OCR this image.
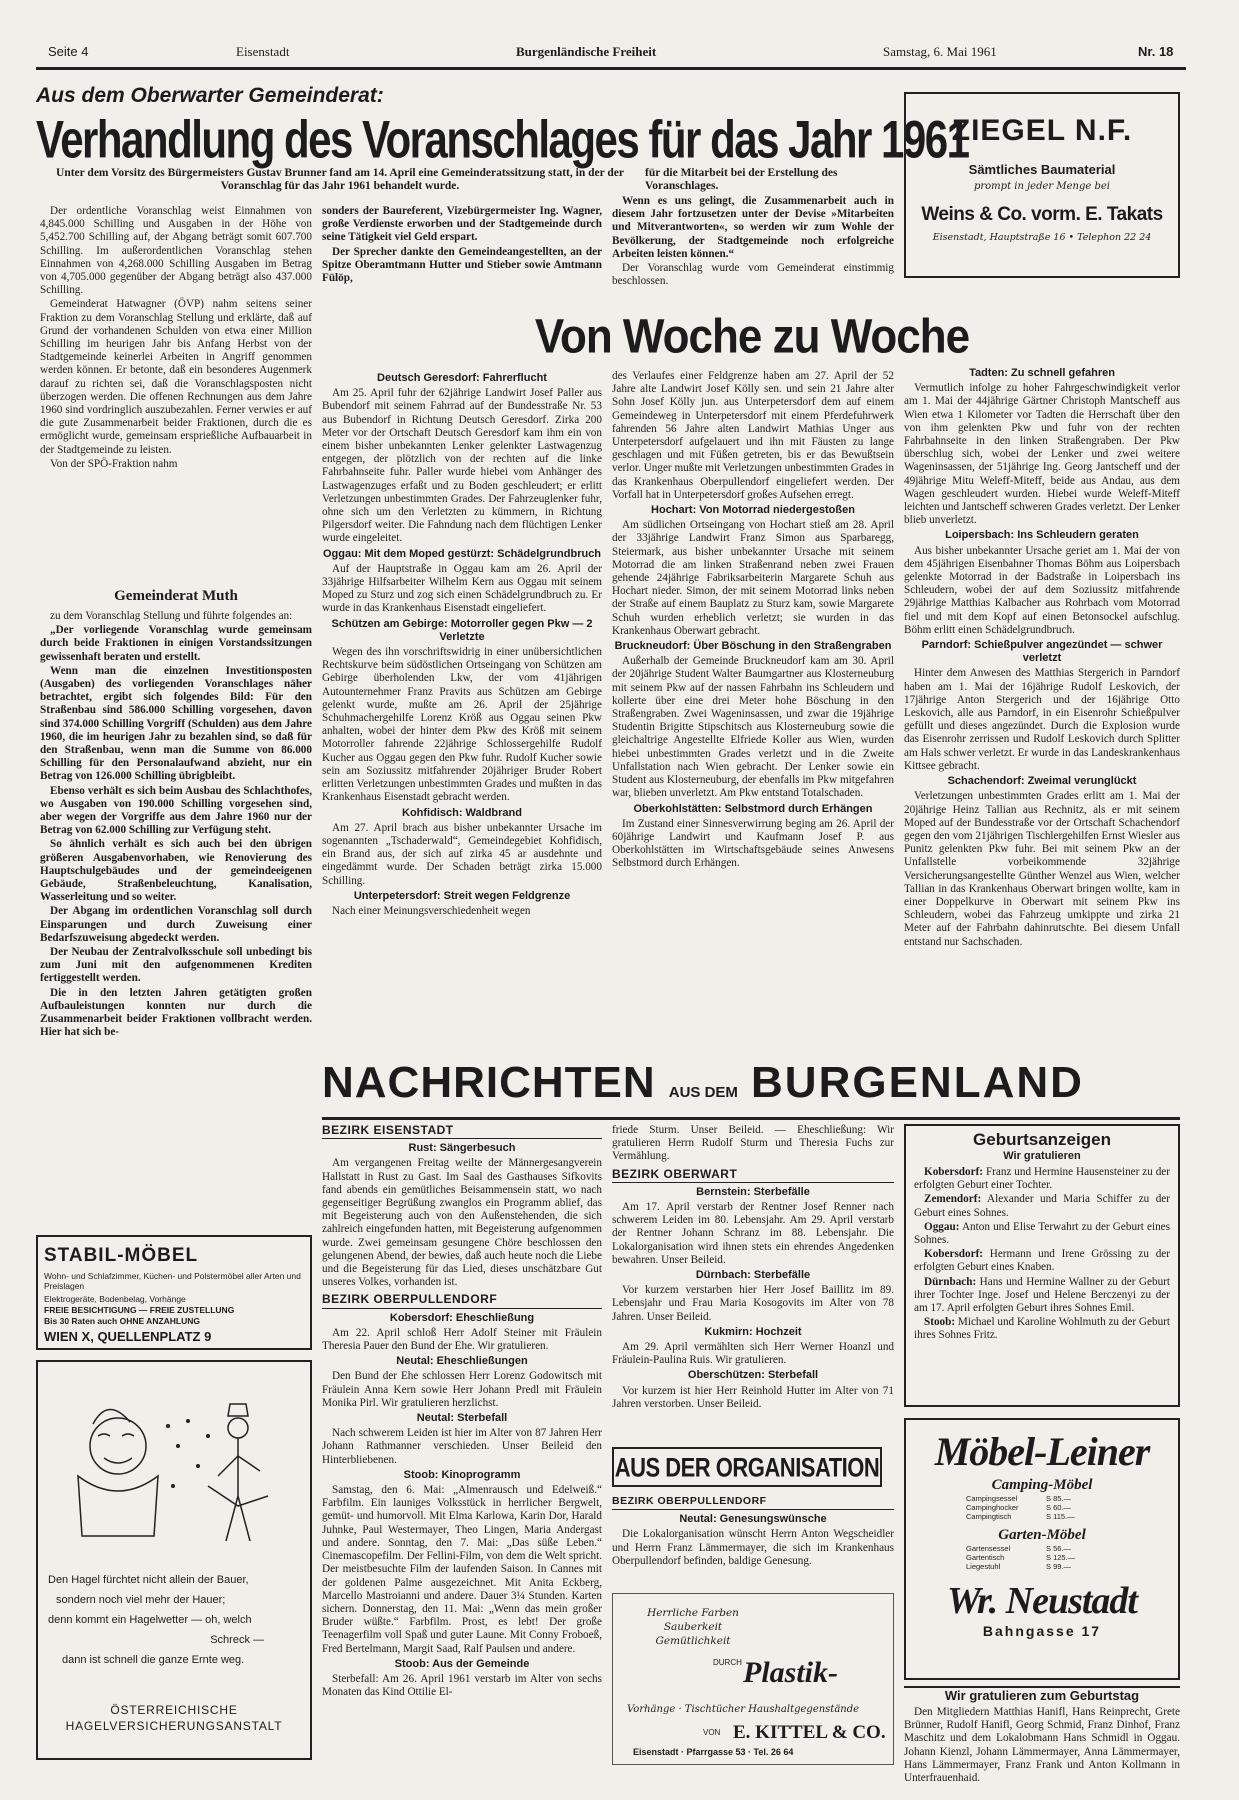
Seite 4	Eisenstadt	Burgenländische Freiheit	Samstag, 6. Mai 1961	Nr. 18
Aus dem Oberwarter Gemeinderat:
Verhandlung des Voranschlages für das Jahr 1961
Unter dem Vorsitz des Bürgermeisters Gustav Brunner fand am 14. April eine Gemeinderatssitzung statt, in der der Voranschlag für das Jahr 1961 behandelt wurde.
für die Mitarbeit bei der Erstellung des Voranschlages.

Der ordentliche Voranschlag weist Einnahmen von 4,845.000 Schilling und Ausgaben in der Höhe von 5,452.700 Schilling auf, der Abgang beträgt somit 607.700 Schilling. Im außerordentlichen Voranschlag stehen Einnahmen von 4,268.000 Schilling Ausgaben im Betrag von 4,705.000 gegenüber der Abgang beträgt also 437.000 Schilling.

Gemeinderat Hatwagner (ÖVP) nahm seitens seiner Fraktion zu dem Voranschlag Stellung und erklärte, daß auf Grund der vorhandenen Schulden von etwa einer Million Schilling im heurigen Jahr bis Anfang Herbst von der Stadtgemeinde keinerlei Arbeiten in Angriff genommen werden können. Er betonte, daß ein besonderes Augenmerk darauf zu richten sei, daß die Voranschlagsposten nicht überzogen werden. Die offenen Rechnungen aus dem Jahre 1960 sind vordringlich auszubezahlen. Ferner verwies er auf die gute Zusammenarbeit beider Fraktionen, durch die es ermöglicht wurde, gemeinsam ersprießliche Aufbauarbeit in der Stadtgemeinde zu leisten.

Von der SPÖ-Fraktion nahm

Gemeinderat Muth

zu dem Voranschlag Stellung und führte folgendes an:

„Der vorliegende Voranschlag wurde gemeinsam durch beide Fraktionen in einigen Vorstandssitzungen gewissenhaft beraten und erstellt.

Wenn man die einzelnen Investitionsposten (Ausgaben) des vorliegenden Voranschlages näher betrachtet, ergibt sich folgendes Bild: Für den Straßenbau sind 586.000 Schilling vorgesehen, davon sind 374.000 Schilling Vorgriff (Schulden) aus dem Jahre 1960, die im heurigen Jahr zu bezahlen sind, so daß für den Straßenbau, wenn man die Summe von 86.000 Schilling für den Personalaufwand abzieht, nur ein Betrag von 126.000 Schilling übrigbleibt.

Ebenso verhält es sich beim Ausbau des Schlachthofes, wo Ausgaben von 190.000 Schilling vorgesehen sind, aber wegen der Vorgriffe aus dem Jahre 1960 nur der Betrag von 62.000 Schilling zur Verfügung steht.

So ähnlich verhält es sich auch bei den übrigen größeren Ausgabenvorhaben, wie Renovierung des Hauptschulgebäudes und der gemeindeeigenen Gebäude, Straßenbeleuchtung, Kanalisation, Wasserleitung und so weiter.

Der Abgang im ordentlichen Voranschlag soll durch Einsparungen und durch Zuweisung einer Bedarfszuweisung abgedeckt werden.

Der Neubau der Zentralvolksschule soll unbedingt bis zum Juni mit den aufgenommenen Krediten fertiggestellt werden.

Die in den letzten Jahren getätigten großen Aufbauleistungen konnten nur durch die Zusammenarbeit beider Fraktionen vollbracht werden. Hier hat sich be-

sonders der Baureferent, Vizebürgermeister Ing. Wagner, große Verdienste erworben und der Stadtgemeinde durch seine Tätigkeit viel Geld erspart.

Der Sprecher dankte den Gemeindeangestellten, an der Spitze Oberamtmann Hutter und Stieber sowie Amtmann Fülöp,

Wenn es uns gelingt, die Zusammenarbeit auch in diesem Jahr fortzusetzen unter der Devise »Mitarbeiten und Mitverantworten«, so werden wir zum Wohle der Bevölkerung, der Stadtgemeinde noch erfolgreiche Arbeiten leisten können.“

Der Voranschlag wurde vom Gemeinderat einstimmig beschlossen.

ZIEGEL N.F.
Sämtliches Baumaterial
prompt in jeder Menge bei
Weins & Co. vorm. E. Takats
Eisenstadt, Hauptstraße 16 • Telephon 22 24
Von Woche zu Woche
Deutsch Geresdorf: Fahrerflucht

Am 25. April fuhr der 62jährige Landwirt Josef Paller aus Bubendorf mit seinem Fahrrad auf der Bundesstraße Nr. 53 aus Bubendorf in Richtung Deutsch Geresdorf. Zirka 200 Meter vor der Ortschaft Deutsch Geresdorf kam ihm ein von einem bisher unbekannten Lenker gelenkter Lastwagenzug entgegen, der plötzlich von der rechten auf die linke Fahrbahnseite fuhr. Paller wurde hiebei vom Anhänger des Lastwagenzuges erfaßt und zu Boden geschleudert; er erlitt Verletzungen unbestimmten Grades. Der Fahrzeuglenker fuhr, ohne sich um den Verletzten zu kümmern, in Richtung Pilgersdorf weiter. Die Fahndung nach dem flüchtigen Lenker wurde eingeleitet.

Oggau: Mit dem Moped gestürzt: Schädelgrundbruch

Auf der Hauptstraße in Oggau kam am 26. April der 33jährige Hilfsarbeiter Wilhelm Kern aus Oggau mit seinem Moped zu Sturz und zog sich einen Schädelgrundbruch zu. Er wurde in das Krankenhaus Eisenstadt eingeliefert.

Schützen am Gebirge: Motorroller gegen Pkw — 2 Verletzte

Wegen des ihn vorschriftswidrig in einer unübersichtlichen Rechtskurve beim südöstlichen Ortseingang von Schützen am Gebirge überholenden Lkw, der vom 41jährigen Autounternehmer Franz Pravits aus Schützen am Gebirge gelenkt wurde, mußte am 26. April der 25jährige Schuhmachergehilfe Lorenz Kröß aus Oggau seinen Pkw anhalten, wobei der hinter dem Pkw des Kröß mit seinem Motorroller fahrende 22jährige Schlossergehilfe Rudolf Kucher aus Oggau gegen den Pkw fuhr. Rudolf Kucher sowie sein am Soziussitz mitfahrender 20jähriger Bruder Robert erlitten Verletzungen unbestimmten Grades und mußten in das Krankenhaus Eisenstadt gebracht werden.

Kohfidisch: Waldbrand

Am 27. April brach aus bisher unbekannter Ursache im sogenannten „Tschaderwald“, Gemeindegebiet Kohfidisch, ein Brand aus, der sich auf zirka 45 ar ausdehnte und eingedämmt wurde. Der Schaden beträgt zirka 15.000 Schilling.

Unterpetersdorf: Streit wegen Feldgrenze

Nach einer Meinungsverschiedenheit wegen

des Verlaufes einer Feldgrenze haben am 27. April der 52 Jahre alte Landwirt Josef Kölly sen. und sein 21 Jahre alter Sohn Josef Kölly jun. aus Unterpetersdorf dem auf einem Gemeindeweg in Unterpetersdorf mit einem Pferdefuhrwerk fahrenden 56 Jahre alten Landwirt Mathias Unger aus Unterpetersdorf aufgelauert und ihn mit Fäusten zu lange geschlagen und mit Füßen getreten, bis er das Bewußtsein verlor. Unger mußte mit Verletzungen unbestimmten Grades in das Krankenhaus Oberpullendorf eingeliefert werden. Der Vorfall hat in Unterpetersdorf großes Aufsehen erregt.

Hochart: Von Motorrad niedergestoßen

Am südlichen Ortseingang von Hochart stieß am 28. April der 33jährige Landwirt Franz Simon aus Sparbaregg, Steiermark, aus bisher unbekannter Ursache mit seinem Motorrad die am linken Straßenrand neben zwei Frauen gehende 24jährige Fabriksarbeiterin Margarete Schuh aus Hochart nieder. Simon, der mit seinem Motorrad links neben der Straße auf einem Bauplatz zu Sturz kam, sowie Margarete Schuh wurden erheblich verletzt; sie wurden in das Krankenhaus Oberwart gebracht.

Bruckneudorf: Über Böschung in den Straßengraben

Außerhalb der Gemeinde Bruckneudorf kam am 30. April der 20jährige Student Walter Baumgartner aus Klosterneuburg mit seinem Pkw auf der nassen Fahrbahn ins Schleudern und kollerte über eine drei Meter hohe Böschung in den Straßengraben. Zwei Wageninsassen, und zwar die 19jährige Studentin Brigitte Stipschitsch aus Klosterneuburg sowie die gleichaltrige Angestellte Elfriede Koller aus Wien, wurden hiebei unbestimmten Grades verletzt und in die Zweite Unfallstation nach Wien gebracht. Der Lenker sowie ein Student aus Klosterneuburg, der ebenfalls im Pkw mitgefahren war, blieben unverletzt. Am Pkw entstand Totalschaden.

Oberkohlstätten: Selbstmord durch Erhängen

Im Zustand einer Sinnesverwirrung beging am 26. April der 60jährige Landwirt und Kaufmann Josef P. aus Oberkohlstätten im Wirtschaftsgebäude seines Anwesens Selbstmord durch Erhängen.

Tadten: Zu schnell gefahren

Vermutlich infolge zu hoher Fahrgeschwindigkeit verlor am 1. Mai der 44jährige Gärtner Christoph Mantscheff aus Wien etwa 1 Kilometer vor Tadten die Herrschaft über den von ihm gelenkten Pkw und fuhr von der rechten Fahrbahnseite in den linken Straßengraben. Der Pkw überschlug sich, wobei der Lenker und zwei weitere Wageninsassen, der 51jährige Ing. Georg Jantscheff und der 49jährige Mitu Weleff-Miteff, beide aus Andau, aus dem Wagen geschleudert wurden. Hiebei wurde Weleff-Miteff leichten und Jantscheff schweren Grades verletzt. Der Lenker blieb unverletzt.

Loipersbach: Ins Schleudern geraten

Aus bisher unbekannter Ursache geriet am 1. Mai der von dem 45jährigen Eisenbahner Thomas Böhm aus Loipersbach gelenkte Motorrad in der Badstraße in Loipersbach ins Schleudern, wobei der auf dem Soziussitz mitfahrende 29jährige Matthias Kalbacher aus Rohrbach vom Motorrad fiel und mit dem Kopf auf einen Betonsockel aufschlug. Böhm erlitt einen Schädelgrundbruch.

Parndorf: Schießpulver angezündet — schwer verletzt

Hinter dem Anwesen des Matthias Stergerich in Parndorf haben am 1. Mai der 16jährige Rudolf Leskovich, der 17jährige Anton Stergerich und der 16jährige Otto Leskovich, alle aus Parndorf, in ein Eisenrohr Schießpulver gefüllt und dieses angezündet. Durch die Explosion wurde das Eisenrohr zerrissen und Rudolf Leskovich durch Splitter am Hals schwer verletzt. Er wurde in das Landeskrankenhaus Kittsee gebracht.

Schachendorf: Zweimal verunglückt

Verletzungen unbestimmten Grades erlitt am 1. Mai der 20jährige Heinz Tallian aus Rechnitz, als er mit seinem Moped auf der Bundesstraße vor der Ortschaft Schachendorf gegen den vom 21jährigen Tischlergehilfen Ernst Wiesler aus Punitz gelenkten Pkw fuhr. Bei mit seinem Pkw an der Unfallstelle vorbeikommende 32jährige Versicherungsangestellte Günther Wenzel aus Wien, welcher Tallian in das Krankenhaus Oberwart bringen wollte, kam in einer Doppelkurve in Oberwart mit seinem Pkw ins Schleudern, wobei das Fahrzeug umkippte und zirka 21 Meter auf der Fahrbahn dahinrutschte. Bei diesem Unfall entstand nur Sachschaden.

STABIL-MÖBEL
Wohn- und Schlafzimmer, Küchen- und Polstermöbel aller Arten und Preislagen
Elektrogeräte, Bodenbelag, Vorhänge
FREIE BESICHTIGUNG — FREIE ZUSTELLUNG
Bis 30 Raten auch OHNE ANZAHLUNG
WIEN X, QUELLENPLATZ 9
Den Hagel fürchtet nicht allein der Bauer,
sondern noch viel mehr der Hauer;
denn kommt ein Hagelwetter — oh, welch
Schreck —
dann ist schnell die ganze Ernte weg.
ÖSTERREICHISCHE
HAGELVERSICHERUNGSANSTALT
NACHRICHTEN AUS DEM BURGENLAND
BEZIRK EISENSTADT
Rust: Sängerbesuch

Am vergangenen Freitag weilte der Männergesangverein Hallstatt in Rust zu Gast. Im Saal des Gasthauses Sifkovits fand abends ein gemütliches Beisammensein statt, wo nach gegenseitiger Begrüßung zwanglos ein Programm ablief, das mit Begeisterung auch von den Außenstehenden, die sich zahlreich eingefunden hatten, mit Begeisterung aufgenommen wurde. Zwei gemeinsam gesungene Chöre beschlossen den gelungenen Abend, der bewies, daß auch heute noch die Liebe und die Begeisterung für das Lied, dieses unschätzbare Gut unseres Volkes, vorhanden ist.

BEZIRK OBERPULLENDORF
Kobersdorf: Eheschließung

Am 22. April schloß Herr Adolf Steiner mit Fräulein Theresia Pauer den Bund der Ehe. Wir gratulieren.

Neutal: Eheschließungen

Den Bund der Ehe schlossen Herr Lorenz Godowitsch mit Fräulein Anna Kern sowie Herr Johann Predl mit Fräulein Monika Pirl. Wir gratulieren herzlichst.

Neutal: Sterbefall

Nach schwerem Leiden ist hier im Alter von 87 Jahren Herr Johann Rathmanner verschieden. Unser Beileid den Hinterbliebenen.

Stoob: Kinoprogramm

Samstag, den 6. Mai: „Almenrausch und Edelweiß.“ Farbfilm. Ein launiges Volksstück in herrlicher Bergwelt, gemüt- und humorvoll. Mit Elma Karlowa, Karin Dor, Harald Juhnke, Paul Westermayer, Theo Lingen, Maria Andergast und andere. Sonntag, den 7. Mai: „Das süße Leben.“ Cinemascopefilm. Der Fellini-Film, von dem die Welt spricht. Der meistbesuchte Film der laufenden Saison. In Cannes mit der goldenen Palme ausgezeichnet. Mit Anita Eckberg, Marcello Mastroianni und andere. Dauer 3¼ Stunden. Karten sichern. Donnerstag, den 11. Mai: „Wenn das mein großer Bruder wüßte.“ Farbfilm. Prost, es lebt! Der große Teenagerfilm voll Spaß und guter Laune. Mit Conny Froboeß, Fred Bertelmann, Margit Saad, Ralf Paulsen und andere.

Stoob: Aus der Gemeinde

Sterbefall: Am 26. April 1961 verstarb im Alter von sechs Monaten das Kind Ottilie El-

friede Sturm. Unser Beileid. — Eheschließung: Wir gratulieren Herrn Rudolf Sturm und Theresia Fuchs zur Vermählung.

BEZIRK OBERWART
Bernstein: Sterbefälle

Am 17. April verstarb der Rentner Josef Renner nach schwerem Leiden im 80. Lebensjahr. Am 29. April verstarb der Rentner Johann Schranz im 88. Lebensjahr. Die Lokalorganisation wird ihnen stets ein ehrendes Angedenken bewahren. Unser Beileid.

Dürnbach: Sterbefälle

Vor kurzem verstarben hier Herr Josef Baillitz im 89. Lebensjahr und Frau Maria Kosogovits im Alter von 78 Jahren. Unser Beileid.

Kukmirn: Hochzeit

Am 29. April vermählten sich Herr Werner Hoanzl und Fräulein-Paulina Ruis. Wir gratulieren.

Oberschützen: Sterbefall

Vor kurzem ist hier Herr Reinhold Hutter im Alter von 71 Jahren verstorben. Unser Beileid.

AUS DER ORGANISATION
BEZIRK OBERPULLENDORF
Neutal: Genesungswünsche

Die Lokalorganisation wünscht Herrn Anton Wegscheidler und Herrn Franz Lämmermayer, die sich im Krankenhaus Oberpullendorf befinden, baldige Genesung.

Herrliche Farben
Sauberkeit
Gemütlichkeit
DURCH Plastik-
Vorhänge · Tischtücher Haushaltgegenstände
VON E. KITTEL & CO.
Eisenstadt · Pfarrgasse 53 · Tel. 26 64
Geburtsanzeigen
Wir gratulieren

Kobersdorf: Franz und Hermine Hausensteiner zu der erfolgten Geburt einer Tochter.

Zemendorf: Alexander und Maria Schiffer zu der Geburt eines Sohnes.

Oggau: Anton und Elise Terwahrt zu der Geburt eines Sohnes.

Kobersdorf: Hermann und Irene Grössing zu der erfolgten Geburt eines Knaben.

Dürnbach: Hans und Hermine Wallner zu der Geburt ihrer Tochter Inge. Josef und Helene Berczenyi zu der am 17. April erfolgten Geburt ihres Sohnes Emil.

Stoob: Michael und Karoline Wohlmuth zu der Geburt ihres Sohnes Fritz.

Möbel-Leiner
Camping-Möbel
Campingsessel	S 85.—
Campinghocker	S 60.—
Campingtisch	S 115.—
Garten-Möbel
Gartensessel	S 56.—
Gartentisch	S 125.—
Liegestuhl	S 99.—
Wr. Neustadt
Bahngasse 17
Wir gratulieren zum Geburtstag
Den Mitgliedern Matthias Hanifl, Hans Reinprecht, Grete Brünner, Rudolf Hanifl, Georg Schmid, Franz Dinhof, Franz Maschitz und dem Lokalobmann Hans Schmidl in Oggau. Johann Kienzl, Johann Lämmermayer, Anna Lämmermayer, Hans Lämmermayer, Franz Frank und Anton Kollmann in Unterfrauenhaid.
